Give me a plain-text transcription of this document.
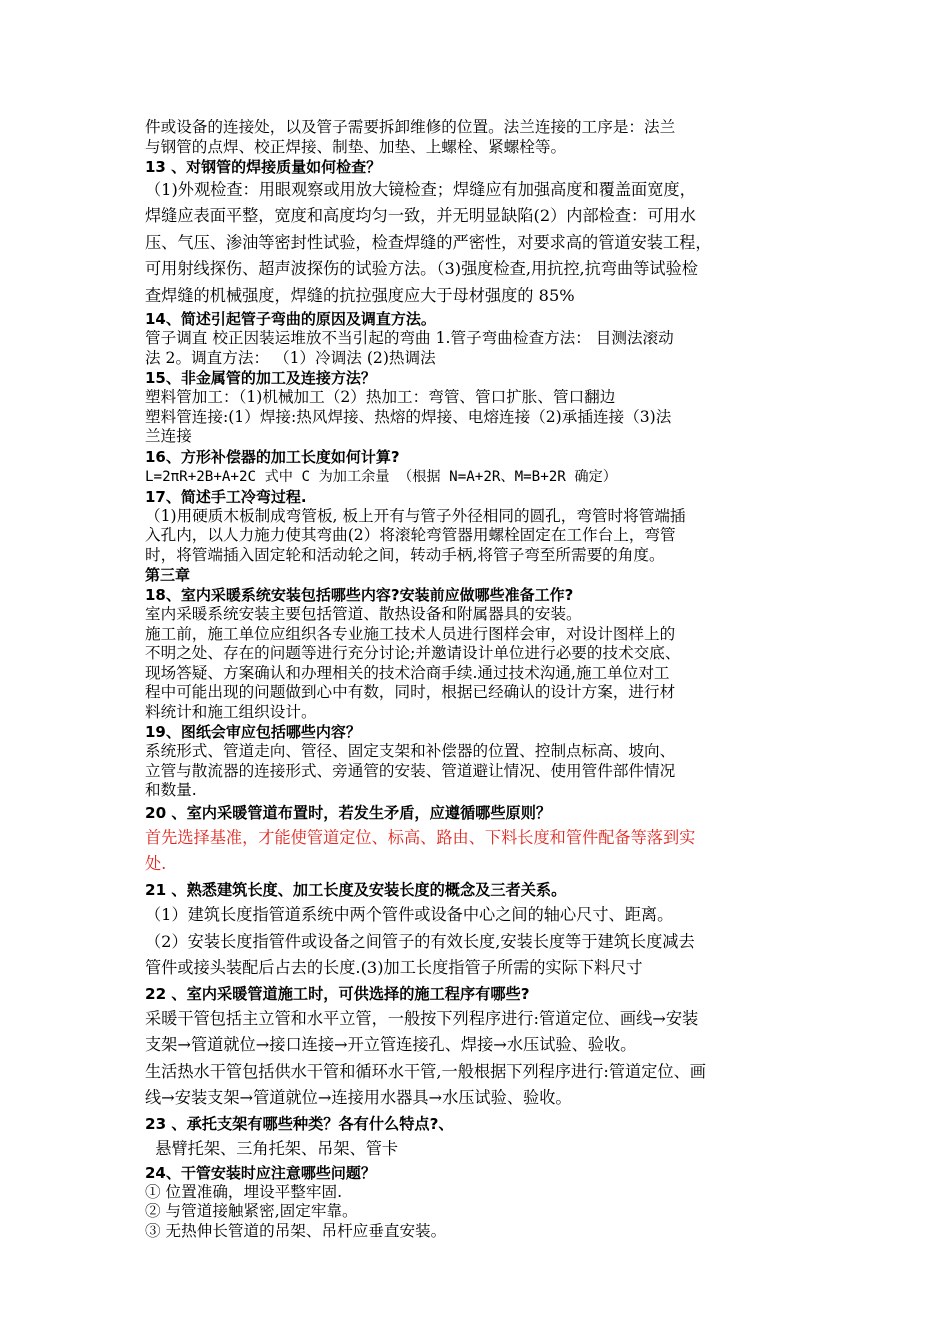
件或设备的连接处，以及管子需要拆卸维修的位置。法兰连接的工序是：法兰

与钢管的点焊、校正焊接、制垫、加垫、上螺栓、紧螺栓等。

13 、对钢管的焊接质量如何检查？

（1)外观检查：用眼观察或用放大镜检查；焊缝应有加强高度和覆盖面宽度，

焊缝应表面平整，宽度和高度均匀一致，并无明显缺陷(2）内部检查：可用水

压、气压、渗油等密封性试验，检查焊缝的严密性，对要求高的管道安装工程，

可用射线探伤、超声波探伤的试验方法。（3)强度检查,用抗控,抗弯曲等试验检

查焊缝的机械强度，焊缝的抗拉强度应大于母材强度的 85%

14、简述引起管子弯曲的原因及调直方法。

管子调直 校正因装运堆放不当引起的弯曲 1.管子弯曲检查方法： 目测法滚动

法 2。调直方法： （1）冷调法 (2)热调法

15、非金属管的加工及连接方法？

塑料管加工：（1)机械加工（2）热加工：弯管、管口扩胀、管口翻边

塑料管连接:(1）焊接:热风焊接、热熔的焊接、电熔连接（2)承插连接（3)法

兰连接

16、方形补偿器的加工长度如何计算?

L=2πR+2B+A+2C 式中 C 为加工余量 （根据 N=A+2R、M=B+2R 确定）

17、简述手工冷弯过程.

（1)用硬质木板制成弯管板, 板上开有与管子外径相同的圆孔，弯管时将管端插

入孔内，以人力施力使其弯曲(2）将滚轮弯管器用螺栓固定在工作台上，弯管

时，将管端插入固定轮和活动轮之间，转动手柄,将管子弯至所需要的角度。

第三章

18、室内采暖系统安装包括哪些内容?安装前应做哪些准备工作?

室内采暖系统安装主要包括管道、散热设备和附属器具的安装。

施工前，施工单位应组织各专业施工技术人员进行图样会审，对设计图样上的

不明之处、存在的问题等进行充分讨论;并邀请设计单位进行必要的技术交底、

现场答疑、方案确认和办理相关的技术洽商手续.通过技术沟通,施工单位对工

程中可能出现的问题做到心中有数，同时，根据已经确认的设计方案，进行材

料统计和施工组织设计。

19、图纸会审应包括哪些内容？

系统形式、管道走向、管径、固定支架和补偿器的位置、控制点标高、坡向、

立管与散流器的连接形式、旁通管的安装、管道避让情况、使用管件部件情况

和数量.

20 、室内采暖管道布置时，若发生矛盾，应遵循哪些原则？

首先选择基准，才能使管道定位、标高、路由、下料长度和管件配备等落到实

处.

21 、熟悉建筑长度、加工长度及安装长度的概念及三者关系。

（1）建筑长度指管道系统中两个管件或设备中心之间的轴心尺寸、距离。

（2）安装长度指管件或设备之间管子的有效长度,安装长度等于建筑长度减去

管件或接头装配后占去的长度.(3)加工长度指管子所需的实际下料尺寸

22 、室内采暖管道施工时，可供选择的施工程序有哪些?

采暖干管包括主立管和水平立管，一般按下列程序进行:管道定位、画线→安装

支架→管道就位→接口连接→开立管连接孔、焊接→水压试验、验收。

生活热水干管包括供水干管和循环水干管,一般根据下列程序进行:管道定位、画

线→安装支架→管道就位→连接用水器具→水压试验、验收。

23 、承托支架有哪些种类？各有什么特点?、

悬臂托架、三角托架、吊架、管卡

24、干管安装时应注意哪些问题？

① 位置准确，埋设平整牢固.

② 与管道接触紧密,固定牢靠。

③ 无热伸长管道的吊架、吊杆应垂直安装。
